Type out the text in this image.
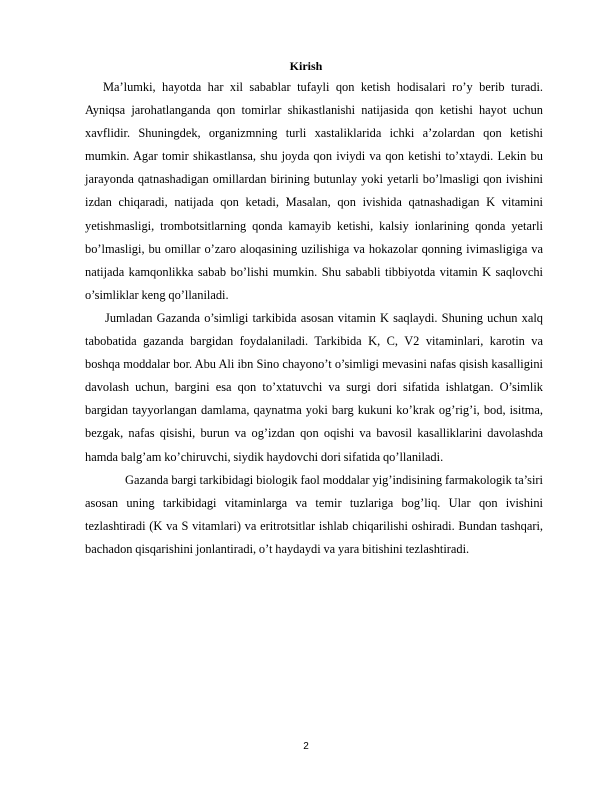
Kirish

Ma’lumki, hayotda har xil sabablar tufayli qon ketish hodisalari ro’y berib turadi. Ayniqsa jarohatlanganda qon tomirlar shikastlanishi natijasida qon ketishi hayot uchun xavflidir. Shuningdek, organizmning turli xastaliklarida ichki a’zolardan qon ketishi mumkin. Agar tomir shikastlansa, shu joyda qon iviydi va qon ketishi to’xtaydi. Lekin bu jarayonda qatnashadigan omillardan birining butunlay yoki yetarli bo’lmasligi qon ivishini izdan chiqaradi, natijada qon ketadi, Masalan, qon ivishida qatnashadigan K vitamini yetishmasligi, trombotsitlarning qonda kamayib ketishi, kalsiy ionlarining qonda yetarli bo’lmasligi, bu omillar o’zaro aloqasining uzilishiga va hokazolar qonning ivimasligiga va natijada kamqonlikka sabab bo’lishi mumkin. Shu sababli tibbiyotda vitamin K saqlovchi o’simliklar keng qo’llaniladi.

Jumladan Gazanda o’simligi tarkibida asosan vitamin K saqlaydi. Shuning uchun xalq tabobatida gazanda bargidan foydalaniladi. Tarkibida K, C, V2 vitaminlari, karotin va boshqa moddalar bor. Abu Ali ibn Sino chayono’t o’simligi mevasini nafas qisish kasalligini davolash uchun, bargini esa qon to’xtatuvchi va surgi dori sifatida ishlatgan. O’simlik bargidan tayyorlangan damlama, qaynatma yoki barg kukuni ko’krak og’rig’i, bod, isitma, bezgak, nafas qisishi, burun va og’izdan qon oqishi va bavosil kasalliklarini davolashda hamda balg’am ko’chiruvchi, siydik haydovchi dori sifatida qo’llaniladi.

Gazanda bargi tarkibidagi biologik faol moddalar yig’indisining farmakologik ta’siri asosan uning tarkibidagi vitaminlarga va temir tuzlariga bog’liq. Ular qon ivishini tezlashtiradi (K va S vitamlari) va eritrotsitlar ishlab chiqarilishi oshiradi. Bundan tashqari, bachadon qisqarishini jonlantiradi, o’t haydaydi va yara bitishini tezlashtiradi.

2
